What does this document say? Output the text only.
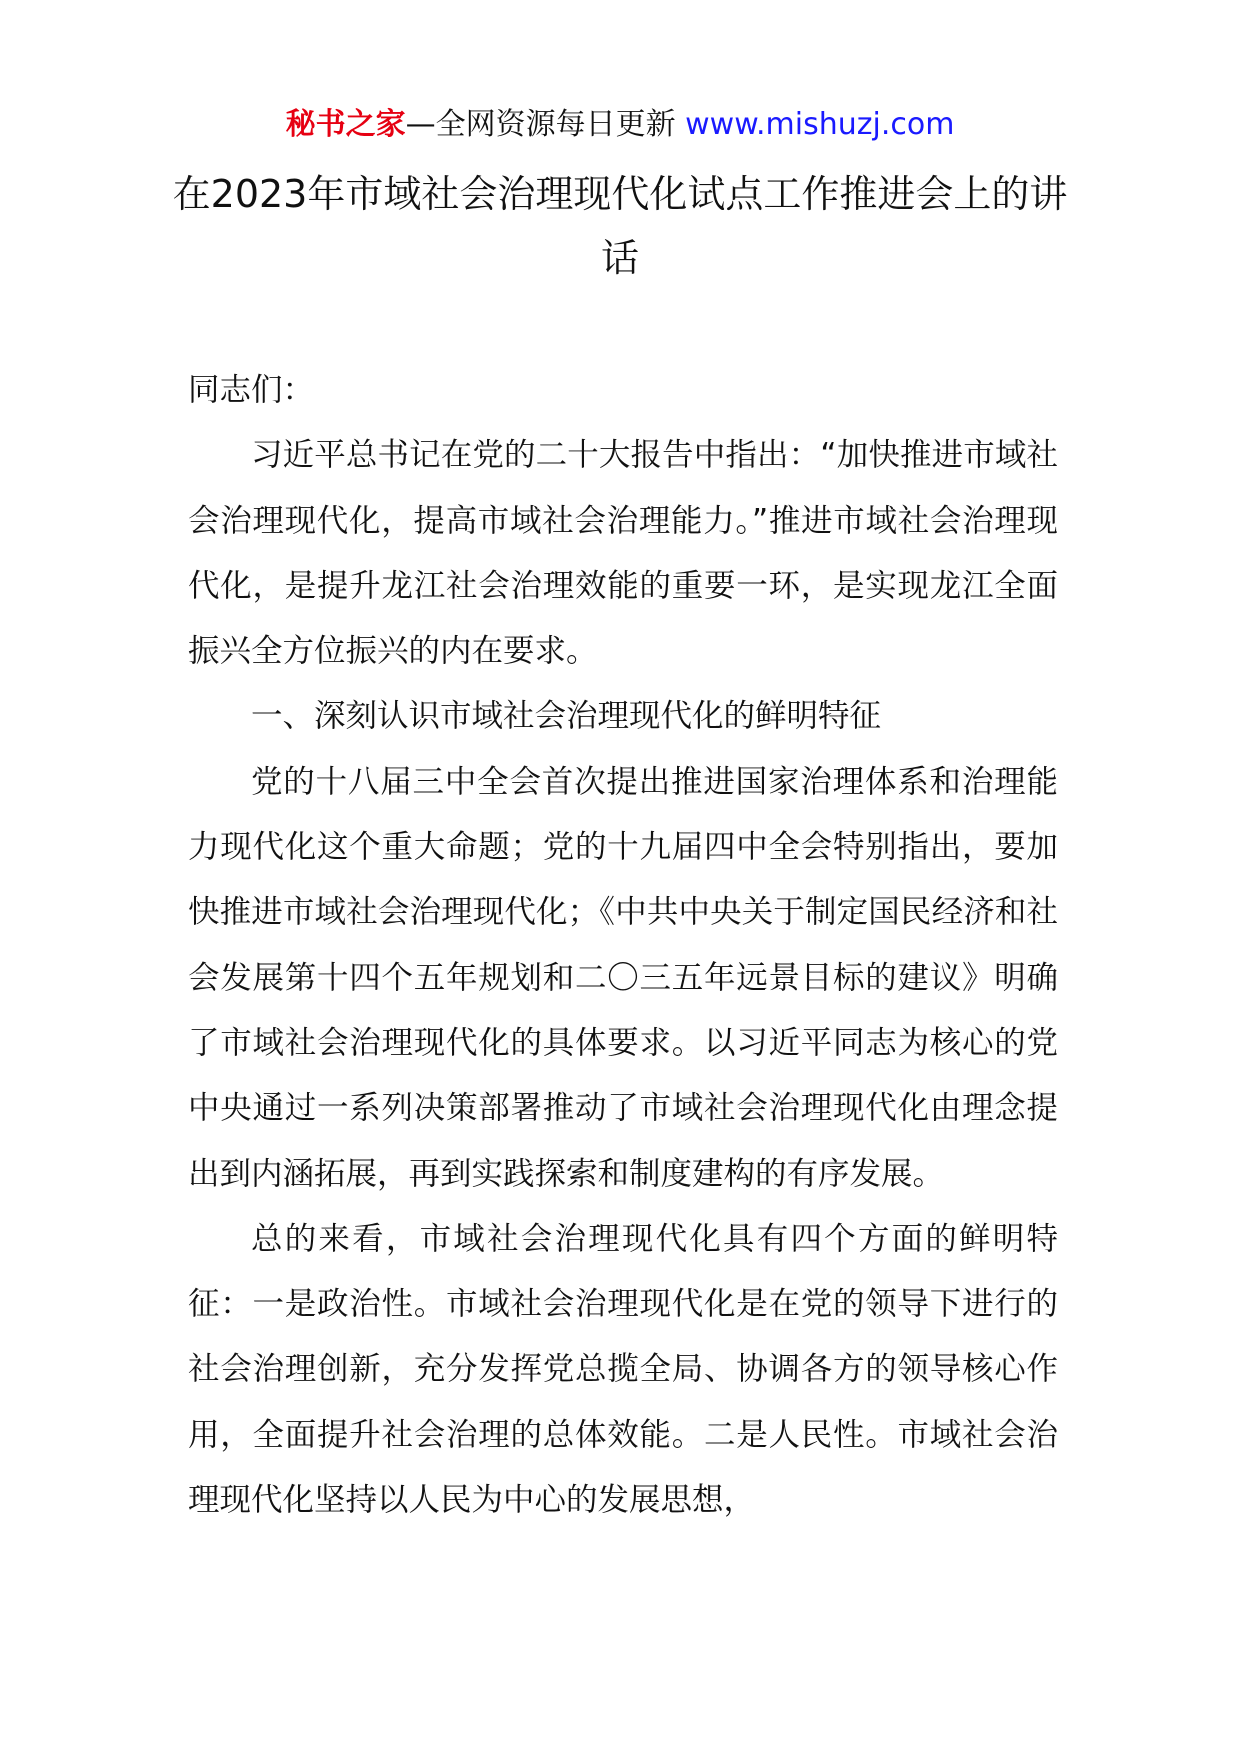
秘书之家—全网资源每日更新 www.mishuzj.com
在2023年市域社会治理现代化试点工作推进会上的讲话

同志们：

习近平总书记在党的二十大报告中指出：“加快推进市域社会治理现代化，提高市域社会治理能力。”推进市域社会治理现代化，是提升龙江社会治理效能的重要一环，是实现龙江全面振兴全方位振兴的内在要求。

一、深刻认识市域社会治理现代化的鲜明特征

党的十八届三中全会首次提出推进国家治理体系和治理能力现代化这个重大命题；党的十九届四中全会特别指出，要加快推进市域社会治理现代化；《中共中央关于制定国民经济和社会发展第十四个五年规划和二〇三五年远景目标的建议》明确了市域社会治理现代化的具体要求。以习近平同志为核心的党中央通过一系列决策部署推动了市域社会治理现代化由理念提出到内涵拓展，再到实践探索和制度建构的有序发展。

总的来看，市域社会治理现代化具有四个方面的鲜明特征：一是政治性。市域社会治理现代化是在党的领导下进行的社会治理创新，充分发挥党总揽全局、协调各方的领导核心作用，全面提升社会治理的总体效能。二是人民性。市域社会治理现代化坚持以人民为中心的发展思想，
